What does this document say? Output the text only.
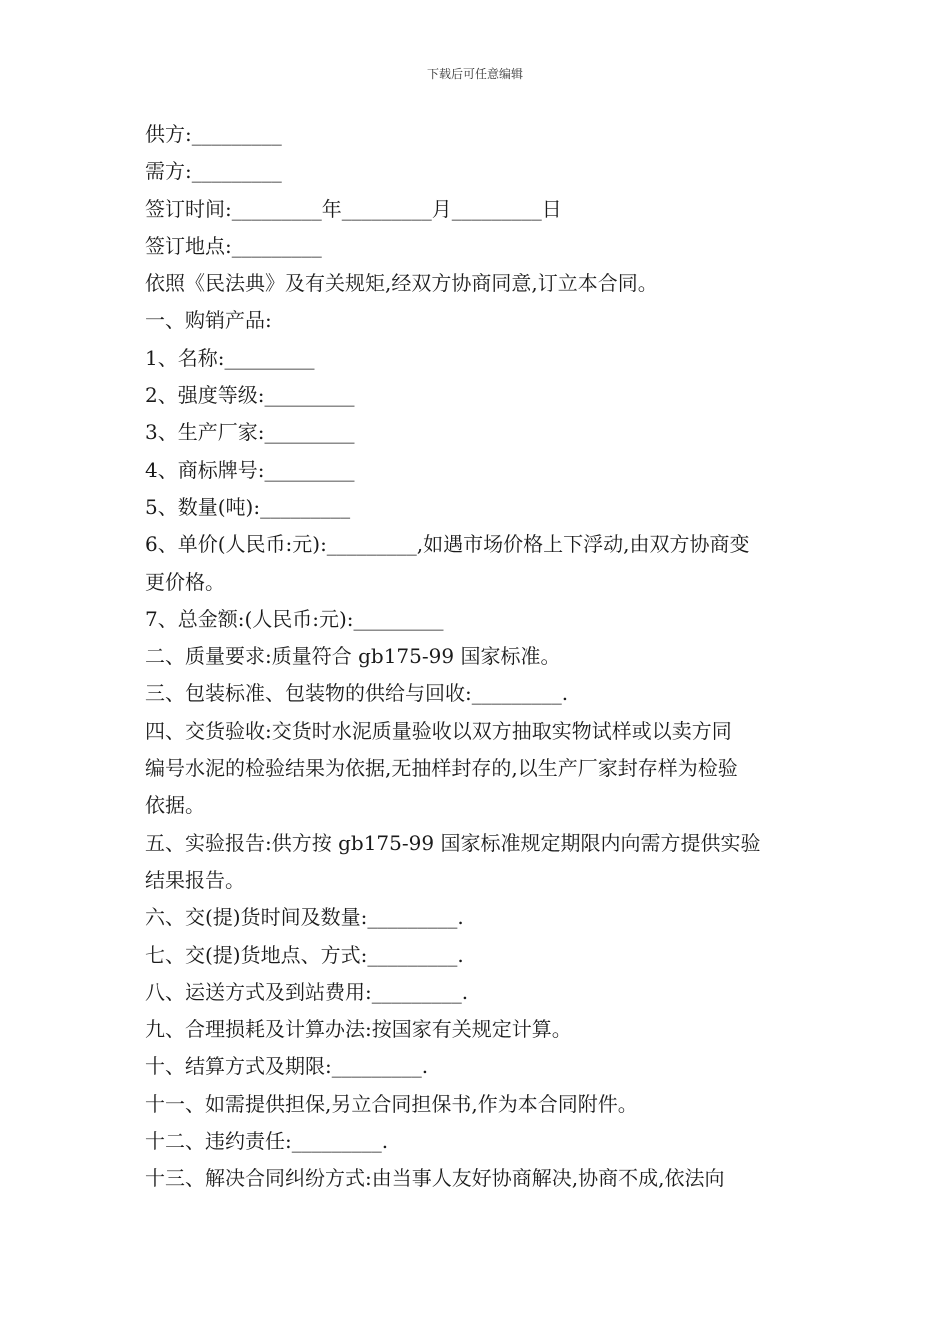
下载后可任意编辑
供方:_________
需方:_________
签订时间:_________年_________月_________日
签订地点:_________
依照《民法典》及有关规矩,经双方协商同意,订立本合同。
一、购销产品:
1、名称:_________
2、强度等级:_________
3、生产厂家:_________
4、商标牌号:_________
5、数量(吨):_________
6、单价(人民币:元):_________,如遇市场价格上下浮动,由双方协商变
更价格。
7、总金额:(人民币:元):_________
二、质量要求:质量符合 gb175-99 国家标准。
三、包装标准、包装物的供给与回收:_________.
四、交货验收:交货时水泥质量验收以双方抽取实物试样或以卖方同
编号水泥的检验结果为依据,无抽样封存的,以生产厂家封存样为检验
依据。
五、实验报告:供方按 gb175-99 国家标准规定期限内向需方提供实验
结果报告。
六、交(提)货时间及数量:_________.
七、交(提)货地点、方式:_________.
八、运送方式及到站费用:_________.
九、合理损耗及计算办法:按国家有关规定计算。
十、结算方式及期限:_________.
十一、如需提供担保,另立合同担保书,作为本合同附件。
十二、违约责任:_________.
十三、解决合同纠纷方式:由当事人友好协商解决,协商不成,依法向
